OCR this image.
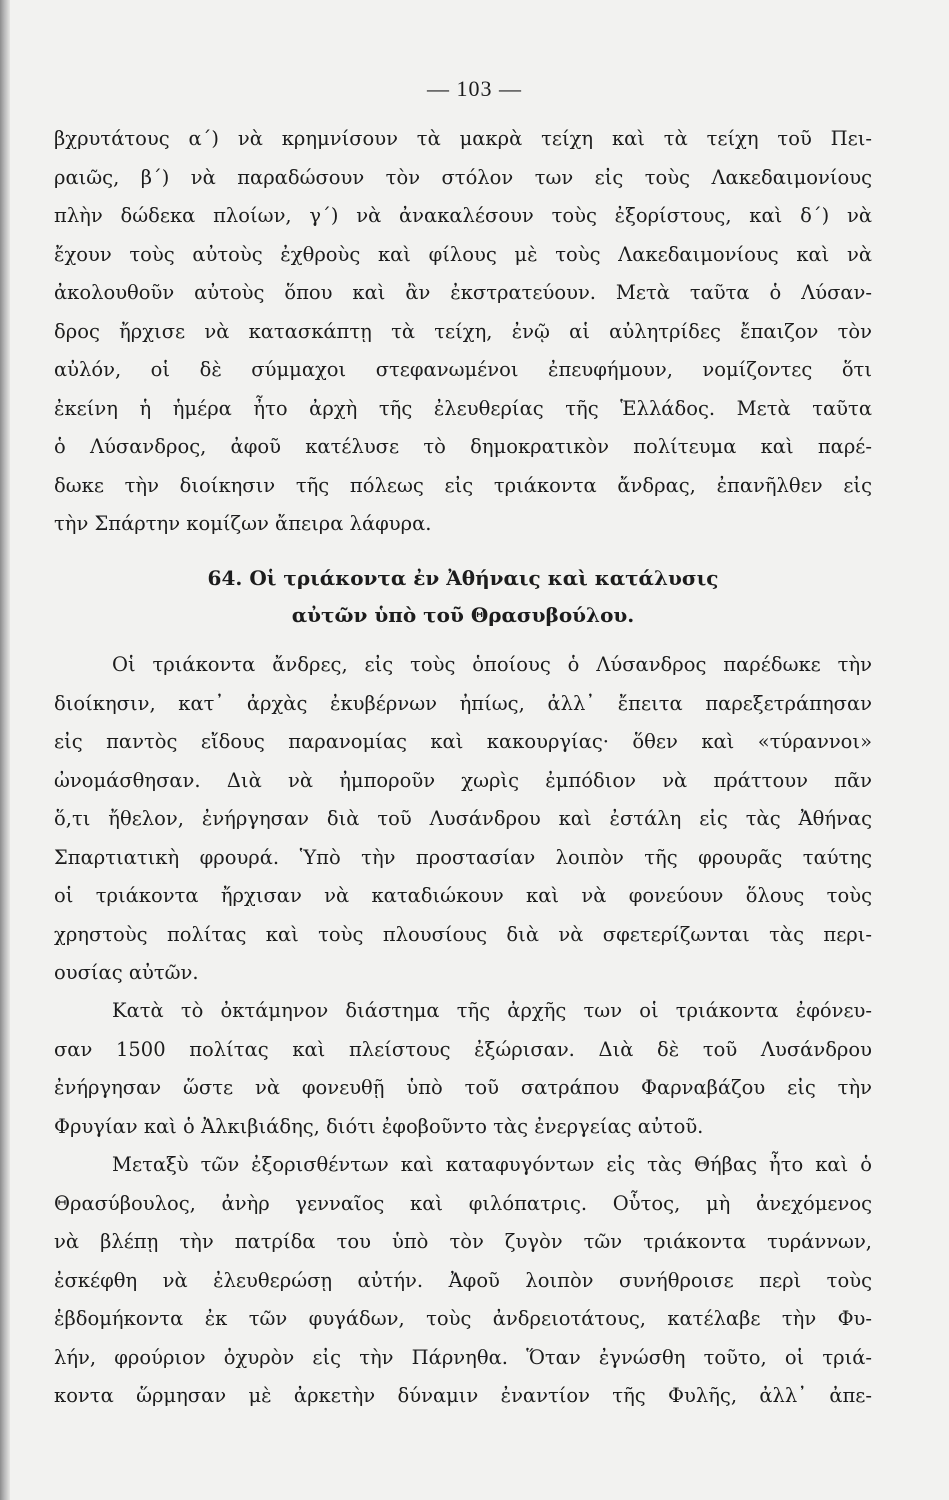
— 103 —
βχρυτάτους α΄) νὰ κρημνίσουν τὰ μακρὰ τείχη καὶ τὰ τείχη τοῦ Πει-
ραιῶς, β΄) νὰ παραδώσουν τὸν στόλον των εἰς τοὺς Λακεδαιμονίους
πλὴν δώδεκα πλοίων, γ΄) νὰ ἀνακαλέσουν τοὺς ἐξορίστους, καὶ δ΄) νὰ
ἔχουν τοὺς αὐτοὺς ἐχθροὺς καὶ φίλους μὲ τοὺς Λακεδαιμονίους καὶ νὰ
ἀκολουθοῦν αὐτοὺς ὅπου καὶ ἂν ἐκστρατεύουν. Μετὰ ταῦτα ὁ Λύσαν-
δρος ἤρχισε νὰ κατασκάπτῃ τὰ τείχη, ἐνῷ αἱ αὐλητρίδες ἔπαιζον τὸν
αὐλόν, οἱ δὲ σύμμαχοι στεφανωμένοι ἐπευφήμουν, νομίζοντες ὅτι
ἐκείνη ἡ ἡμέρα ἦτο ἀρχὴ τῆς ἐλευθερίας τῆς Ἑλλάδος. Μετὰ ταῦτα
ὁ Λύσανδρος, ἀφοῦ κατέλυσε τὸ δημοκρατικὸν πολίτευμα καὶ παρέ-
δωκε τὴν διοίκησιν τῆς πόλεως εἰς τριάκοντα ἄνδρας, ἐπανῆλθεν εἰς
τὴν Σπάρτην κομίζων ἄπειρα λάφυρα.
64. Οἱ τριάκοντα ἐν Ἀθήναις καὶ κατάλυσις
αὐτῶν ὑπὸ τοῦ Θρασυβούλου.
Οἱ τριάκοντα ἄνδρες, εἰς τοὺς ὁποίους ὁ Λύσανδρος παρέδωκε τὴν
διοίκησιν, κατ᾽ ἀρχὰς ἐκυβέρνων ἠπίως, ἀλλ᾽ ἔπειτα παρεξετράπησαν
εἰς παντὸς εἴδους παρανομίας καὶ κακουργίας· ὅθεν καὶ «τύραννοι»
ὠνομάσθησαν. Διὰ νὰ ἠμποροῦν χωρὶς ἐμπόδιον νὰ πράττουν πᾶν
ὅ,τι ἤθελον, ἐνήργησαν διὰ τοῦ Λυσάνδρου καὶ ἐστάλη εἰς τὰς Ἀθήνας
Σπαρτιατικὴ φρουρά. Ὑπὸ τὴν προστασίαν λοιπὸν τῆς φρουρᾶς ταύτης
οἱ τριάκοντα ἤρχισαν νὰ καταδιώκουν καὶ νὰ φονεύουν ὅλους τοὺς
χρηστοὺς πολίτας καὶ τοὺς πλουσίους διὰ νὰ σφετερίζωνται τὰς περι-
ουσίας αὐτῶν.
Κατὰ τὸ ὀκτάμηνον διάστημα τῆς ἀρχῆς των οἱ τριάκοντα ἐφόνευ-
σαν 1500 πολίτας καὶ πλείστους ἐξώρισαν. Διὰ δὲ τοῦ Λυσάνδρου
ἐνήργησαν ὥστε νὰ φονευθῇ ὑπὸ τοῦ σατράπου Φαρναβάζου εἰς τὴν
Φρυγίαν καὶ ὁ Ἀλκιβιάδης, διότι ἐφοβοῦντο τὰς ἐνεργείας αὐτοῦ.
Μεταξὺ τῶν ἐξορισθέντων καὶ καταφυγόντων εἰς τὰς Θήβας ἦτο καὶ ὁ
Θρασύβουλος, ἀνὴρ γενναῖος καὶ φιλόπατρις. Οὗτος, μὴ ἀνεχόμενος
νὰ βλέπῃ τὴν πατρίδα του ὑπὸ τὸν ζυγὸν τῶν τριάκοντα τυράννων,
ἐσκέφθη νὰ ἐλευθερώσῃ αὐτήν. Ἀφοῦ λοιπὸν συνήθροισε περὶ τοὺς
ἑβδομήκοντα ἐκ τῶν φυγάδων, τοὺς ἀνδρειοτάτους, κατέλαβε τὴν Φυ-
λήν, φρούριον ὀχυρὸν εἰς τὴν Πάρνηθα. Ὅταν ἐγνώσθη τοῦτο, οἱ τριά-
κοντα ὥρμησαν μὲ ἀρκετὴν δύναμιν ἐναντίον τῆς Φυλῆς, ἀλλ᾽ ἀπε-
